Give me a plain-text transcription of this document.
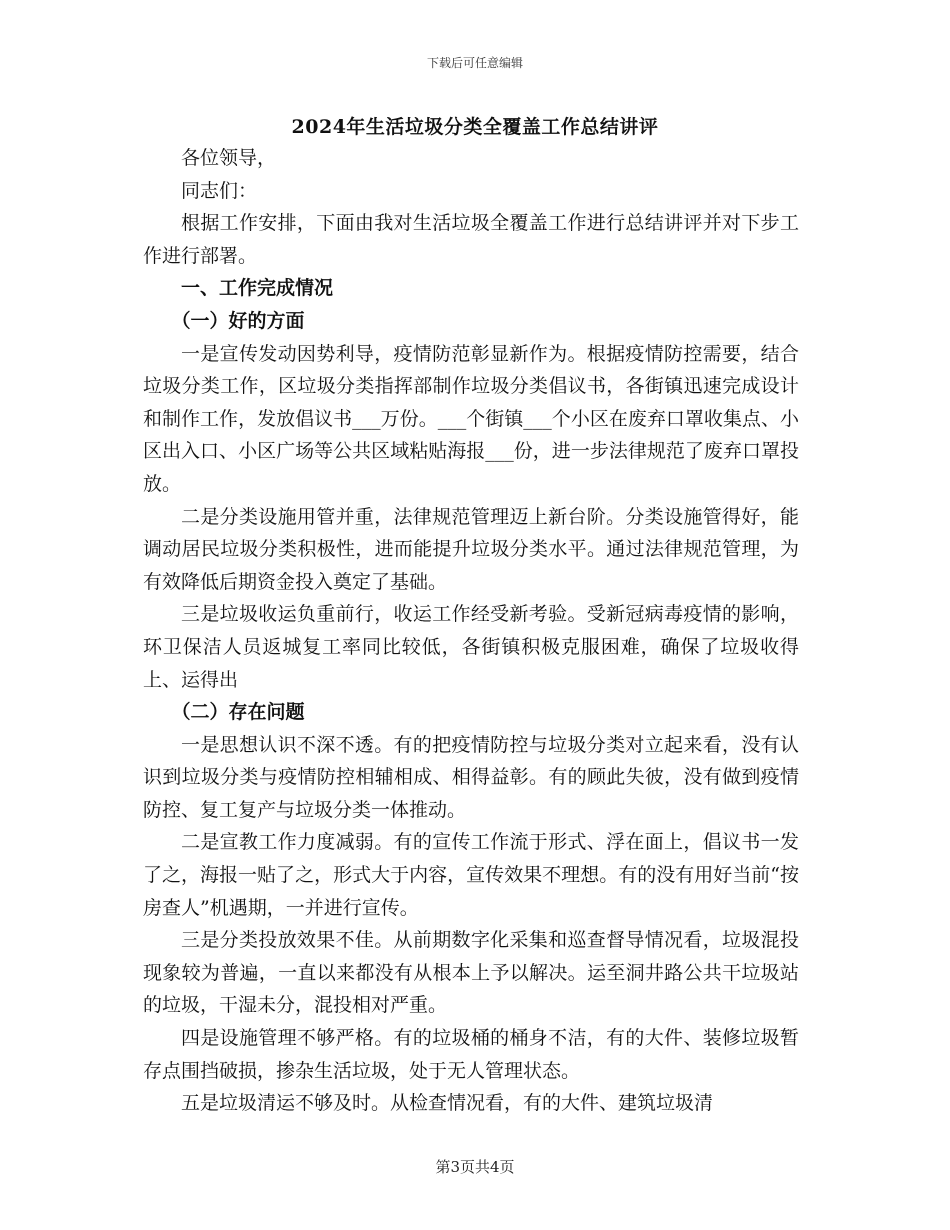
下载后可任意编辑
2024年生活垃圾分类全覆盖工作总结讲评

各位领导，

同志们：

根据工作安排，下面由我对生活垃圾全覆盖工作进行总结讲评并对下步工作进行部署。

一、工作完成情况

（一）好的方面

一是宣传发动因势利导，疫情防范彰显新作为。根据疫情防控需要，结合垃圾分类工作，区垃圾分类指挥部制作垃圾分类倡议书，各街镇迅速完成设计和制作工作，发放倡议书___万份。___个街镇___个小区在废弃口罩收集点、小区出入口、小区广场等公共区域粘贴海报___份，进一步法律规范了废弃口罩投放。

二是分类设施用管并重，法律规范管理迈上新台阶。分类设施管得好，能调动居民垃圾分类积极性，进而能提升垃圾分类水平。通过法律规范管理，为有效降低后期资金投入奠定了基础。

三是垃圾收运负重前行，收运工作经受新考验。受新冠病毒疫情的影响，环卫保洁人员返城复工率同比较低，各街镇积极克服困难，确保了垃圾收得上、运得出

（二）存在问题

一是思想认识不深不透。有的把疫情防控与垃圾分类对立起来看，没有认识到垃圾分类与疫情防控相辅相成、相得益彰。有的顾此失彼，没有做到疫情防控、复工复产与垃圾分类一体推动。

二是宣教工作力度减弱。有的宣传工作流于形式、浮在面上，倡议书一发了之，海报一贴了之，形式大于内容，宣传效果不理想。有的没有用好当前“按房查人”机遇期，一并进行宣传。

三是分类投放效果不佳。从前期数字化采集和巡查督导情况看，垃圾混投现象较为普遍，一直以来都没有从根本上予以解决。运至洞井路公共干垃圾站的垃圾，干湿未分，混投相对严重。

四是设施管理不够严格。有的垃圾桶的桶身不洁，有的大件、装修垃圾暂存点围挡破损，掺杂生活垃圾，处于无人管理状态。

五是垃圾清运不够及时。从检查情况看，有的大件、建筑垃圾清

第3页共4页
